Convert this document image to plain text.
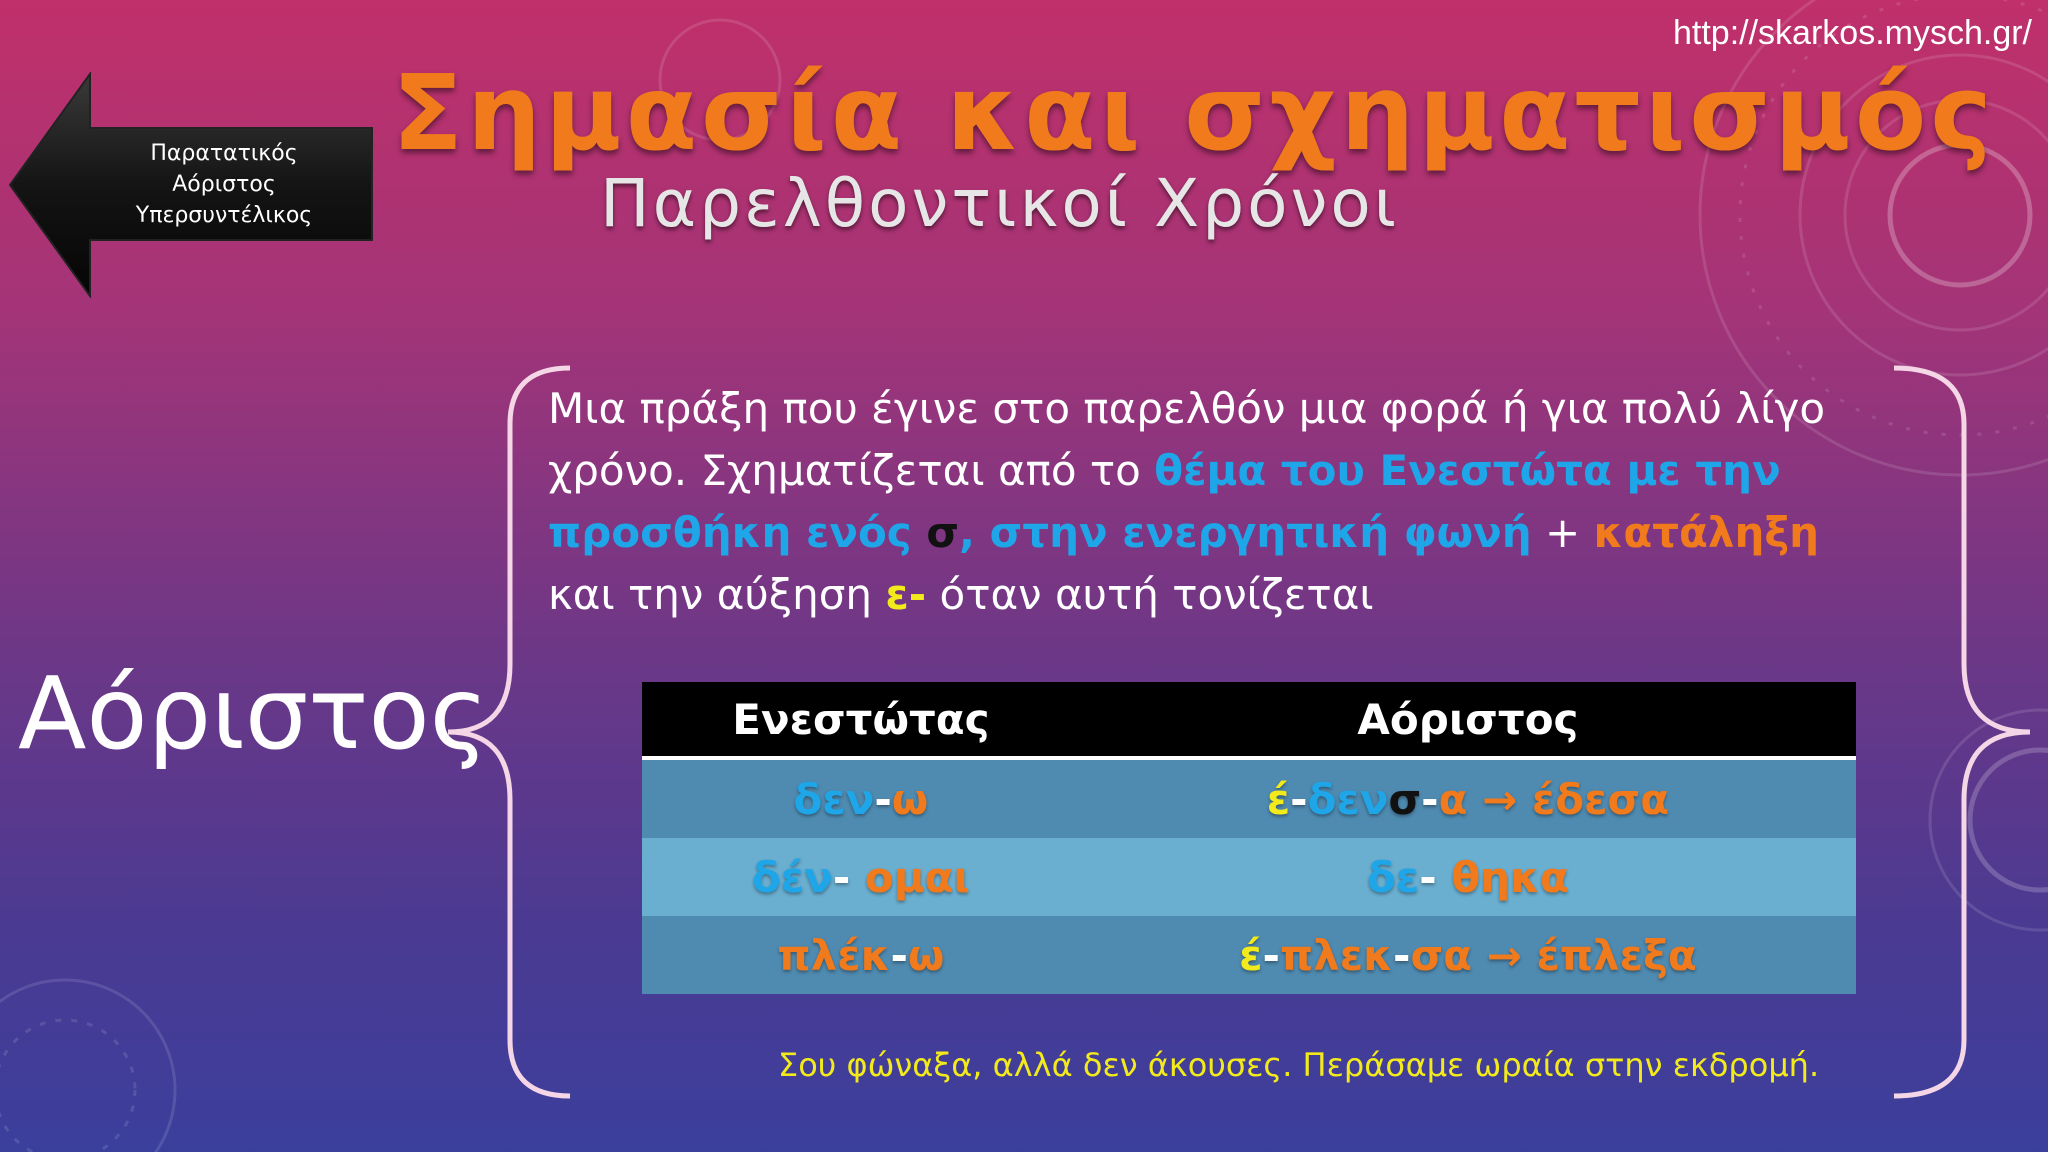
http://skarkos.mysch.gr/
Σημασία και σχηματισμός
Παρελθοντικοί Χρόνοι
Παρατατικός
Αόριστος
Υπερσυντέλικος
Αόριστος
Μια πράξη που έγινε στο παρελθόν μια φορά ή για πολύ λίγο χρόνο. Σχηματίζεται από το θέμα του Ενεστώτα με την προσθήκη ενός σ, στην ενεργητική φωνή + κατάληξη και την αύξηση ε- όταν αυτή τονίζεται
Ενεστώτας	Αόριστος
δεν-ω	έ-δενσ-α → έδεσα
δέν- ομαι	δε- θηκα
πλέκ-ω	έ-πλεκ-σα → έπλεξα
Σου φώναξα, αλλά δεν άκουσες. Περάσαμε ωραία στην εκδρομή.
